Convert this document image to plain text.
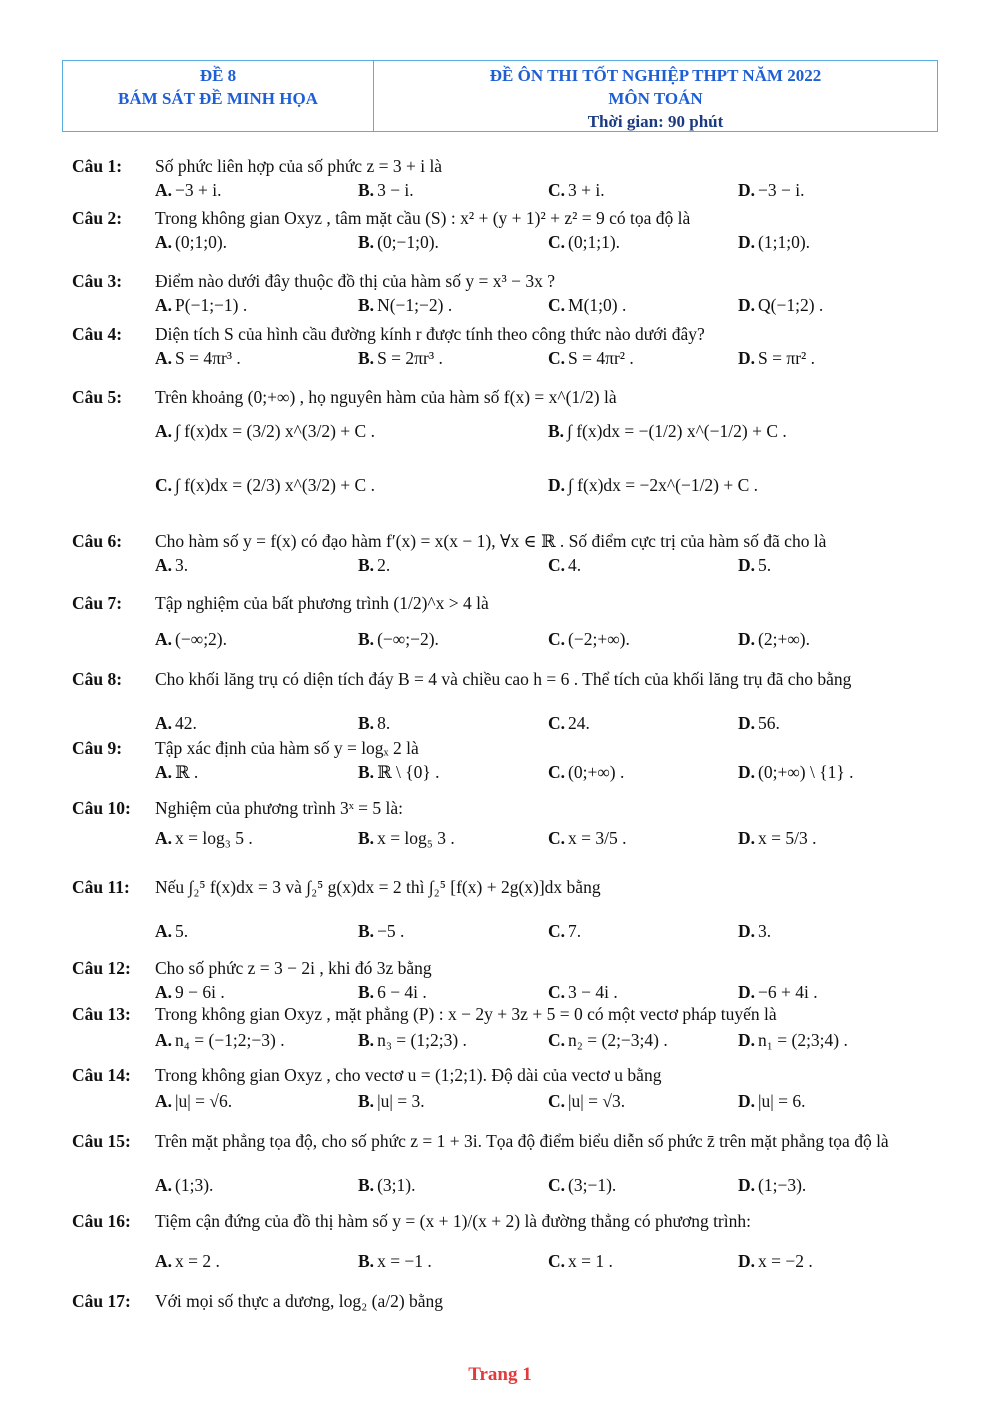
ĐỀ 8
BÁM SÁT ĐỀ MINH HỌA
ĐỀ ÔN THI TỐT NGHIỆP THPT NĂM 2022
MÔN TOÁN
Thời gian: 90 phút
Câu 1:	Số phức liên hợp của số phức z = 3 + i là
A. −3 + i.	B. 3 − i.	C. 3 + i.	D. −3 − i.
Câu 2:	Trong không gian Oxyz , tâm mặt cầu (S) : x² + (y + 1)² + z² = 9 có tọa độ là
A. (0;1;0).	B. (0;−1;0).	C. (0;1;1).	D. (1;1;0).
Câu 3:	Điểm nào dưới đây thuộc đồ thị của hàm số y = x³ − 3x ?
A. P(−1;−1) .	B. N(−1;−2) .	C. M(1;0) .	D. Q(−1;2) .
Câu 4:	Diện tích S của hình cầu đường kính r được tính theo công thức nào dưới đây?
A. S = 4πr³ .	B. S = 2πr³ .	C. S = 4πr² .	D. S = πr² .
Câu 5:	Trên khoảng (0;+∞) , họ nguyên hàm của hàm số f(x) = x^(1/2) là
A. ∫ f(x)dx = (3/2) x^(3/2) + C .	B. ∫ f(x)dx = −(1/2) x^(−1/2) + C .
C. ∫ f(x)dx = (2/3) x^(3/2) + C .	D. ∫ f(x)dx = −2x^(−1/2) + C .
Câu 6:	Cho hàm số y = f(x) có đạo hàm f′(x) = x(x − 1), ∀x ∈ ℝ . Số điểm cực trị của hàm số đã cho là
A. 3.	B. 2.	C. 4.	D. 5.
Câu 7:	Tập nghiệm của bất phương trình (1/2)^x > 4 là
A. (−∞;2).	B. (−∞;−2).	C. (−2;+∞).	D. (2;+∞).
Câu 8:	Cho khối lăng trụ có diện tích đáy B = 4 và chiều cao h = 6 . Thể tích của khối lăng trụ đã cho bằng
A. 42.	B. 8.	C. 24.	D. 56.
Câu 9:	Tập xác định của hàm số y = logₓ 2 là
A. ℝ .	B. ℝ \ {0} .	C. (0;+∞) .	D. (0;+∞) \ {1} .
Câu 10:	Nghiệm của phương trình 3ˣ = 5 là:
A. x = log₃ 5 .	B. x = log₅ 3 .	C. x = 3/5 .	D. x = 5/3 .
Câu 11:	Nếu ∫₂⁵ f(x)dx = 3 và ∫₂⁵ g(x)dx = 2 thì ∫₂⁵ [f(x) + 2g(x)]dx bằng
A. 5.	B. −5 .	C. 7.	D. 3.
Câu 12:	Cho số phức z = 3 − 2i , khi đó 3z bằng
A. 9 − 6i .	B. 6 − 4i .	C. 3 − 4i .	D. −6 + 4i .
Câu 13:	Trong không gian Oxyz , mặt phẳng (P) : x − 2y + 3z + 5 = 0 có một vectơ pháp tuyến là
A. n₄ = (−1;2;−3) .	B. n₃ = (1;2;3) .	C. n₂ = (2;−3;4) .	D. n₁ = (2;3;4) .
Câu 14:	Trong không gian Oxyz , cho vectơ u = (1;2;1). Độ dài của vectơ u bằng
A. |u| = √6.	B. |u| = 3.	C. |u| = √3.	D. |u| = 6.
Câu 15:	Trên mặt phẳng tọa độ, cho số phức z = 1 + 3i. Tọa độ điểm biểu diễn số phức z̄ trên mặt phẳng tọa độ là
A. (1;3).	B. (3;1).	C. (3;−1).	D. (1;−3).
Câu 16:	Tiệm cận đứng của đồ thị hàm số y = (x + 1)/(x + 2) là đường thẳng có phương trình:
A. x = 2 .	B. x = −1 .	C. x = 1 .	D. x = −2 .
Câu 17:	Với mọi số thực a dương, log₂ (a/2) bằng
Trang 1
